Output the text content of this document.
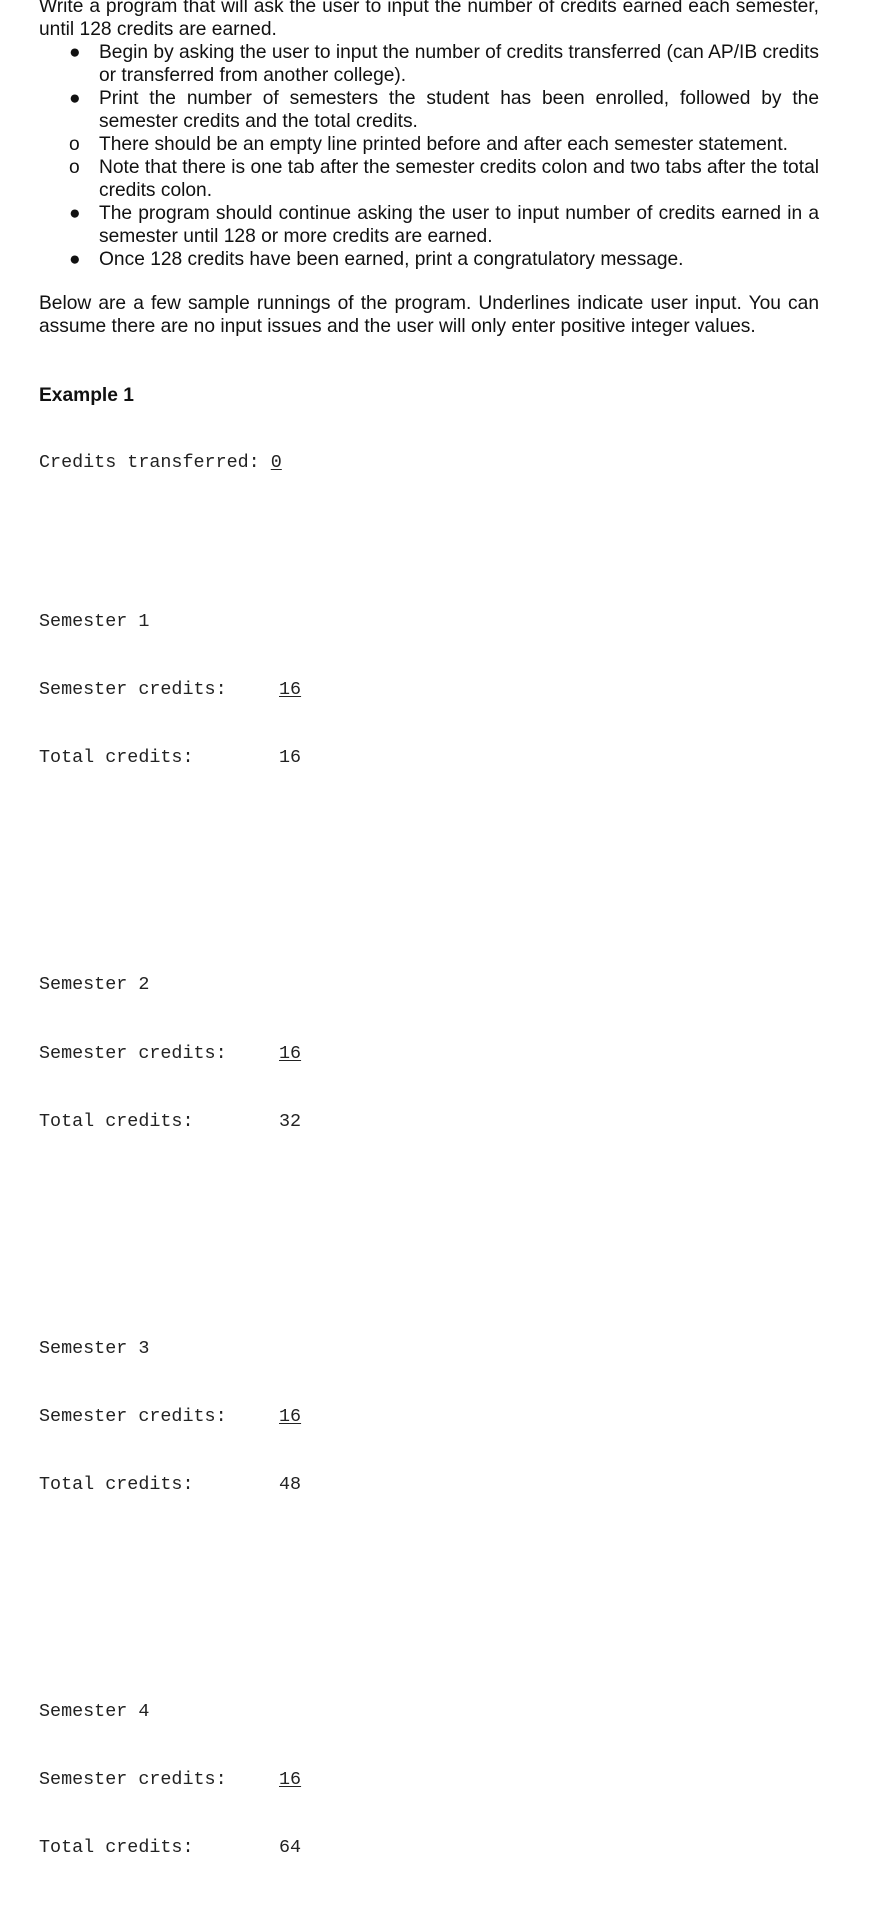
Write a program that will ask the user to input the number of credits earned each semester, until 128 credits are earned.

● Begin by asking the user to input the number of credits transferred (can AP/IB credits or transferred from another college).
● Print the number of semesters the student has been enrolled, followed by the semester credits and the total credits.
o There should be an empty line printed before and after each semester statement.
o Note that there is one tab after the semester credits colon and two tabs after the total credits colon.
● The program should continue asking the user to input number of credits earned in a semester until 128 or more credits are earned.
● Once 128 credits have been earned, print a congratulatory message.

Below are a few sample runnings of the program. Underlines indicate user input. You can assume there are no input issues and the user will only enter positive integer values.

Example 1

Credits transferred: 0

Semester 1

Semester credits:	16

Total credits:	16

Semester 2

Semester credits:	16

Total credits:	32

Semester 3

Semester credits:	16

Total credits:	48

Semester 4

Semester credits:	16

Total credits:	64
